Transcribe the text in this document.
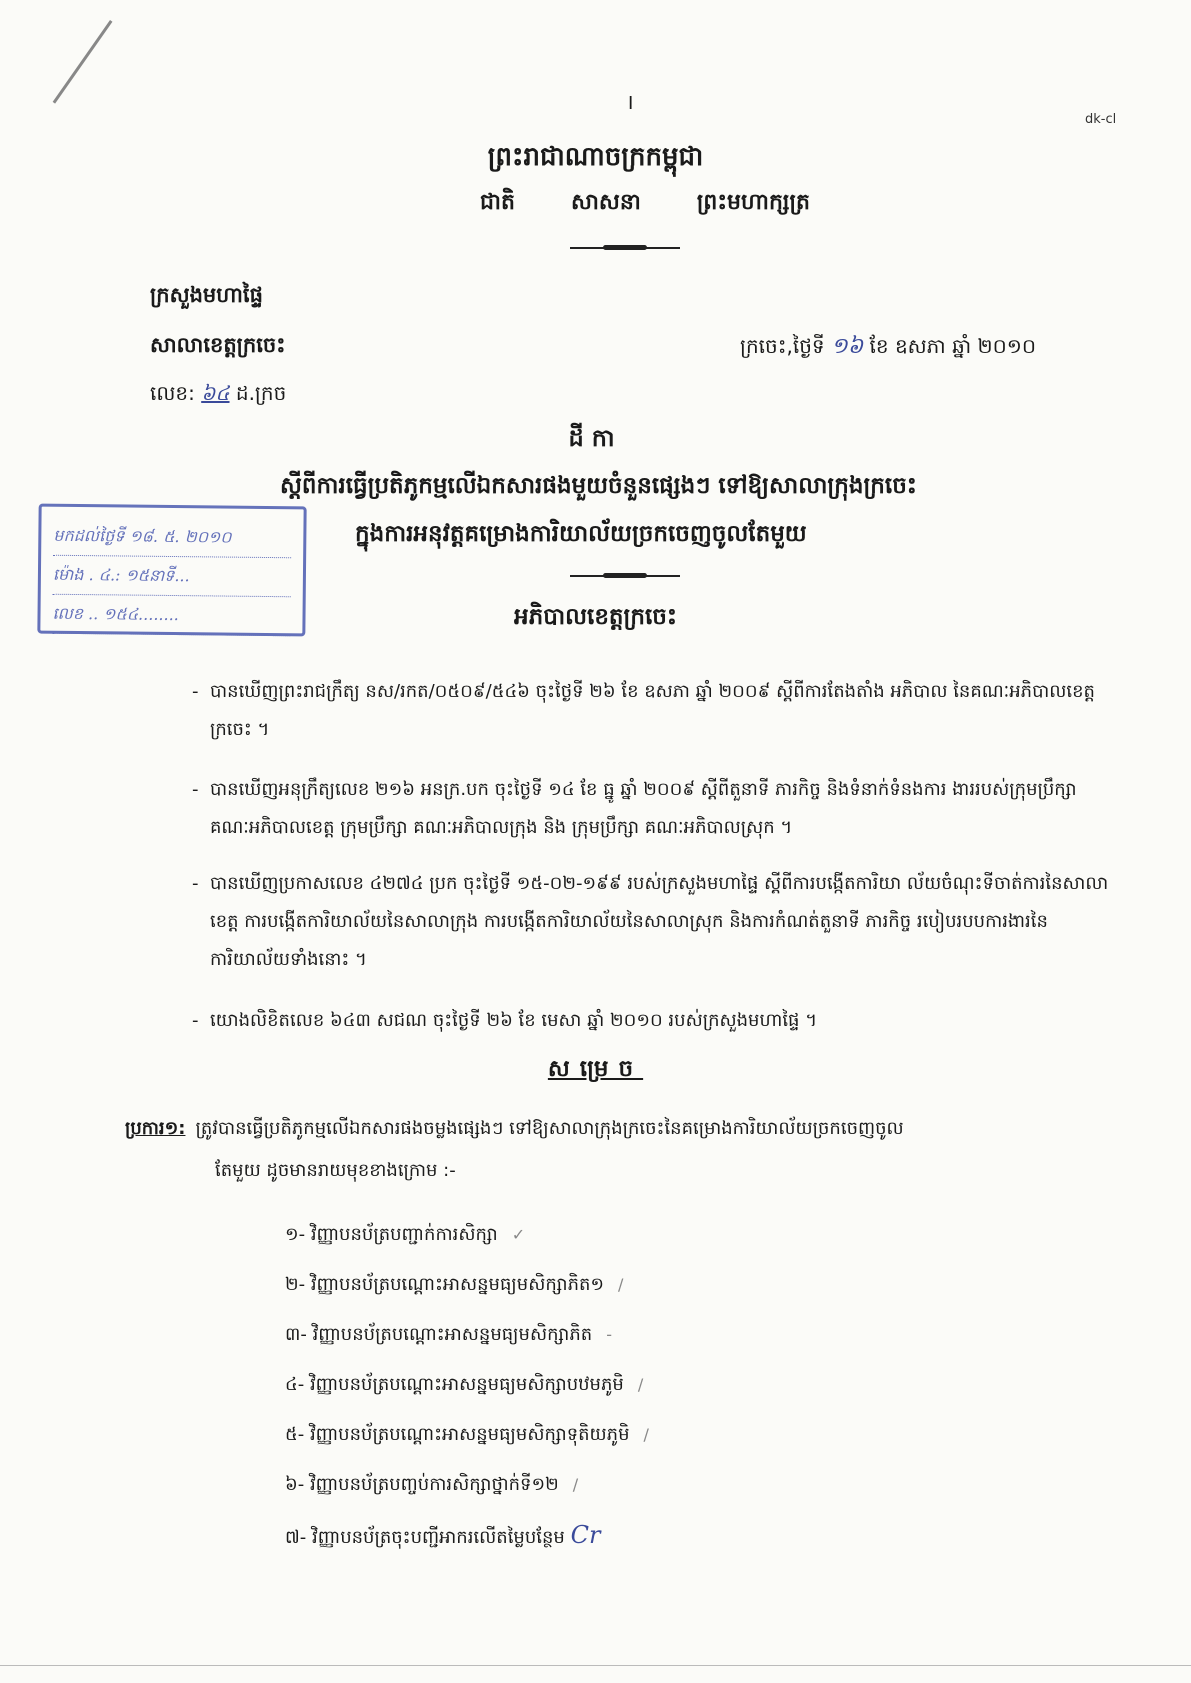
I
dk-cl
ព្រះរាជាណាចក្រកម្ពុជា
ជាតិ	សាសនា	ព្រះមហាក្សត្រ
ក្រសួងមហាផ្ទៃ
សាលាខេត្តក្រចេះ
លេខ: ៦៤ ដ.ក្រច
ក្រចេះ,ថ្ងៃទី ១៦ ខែ ឧសភា ឆ្នាំ ២០១០
ដីកា
ស្ដីពីការធ្វើប្រតិភូកម្មលើឯកសារផងមួយចំនួនផ្សេងៗ ទៅឱ្យសាលាក្រុងក្រចេះ
ក្នុងការអនុវត្តគម្រោងការិយាល័យច្រកចេញចូលតែមួយ
មកដល់ថ្ងៃទី ១៨. ៥. ២០១០
ម៉ោង . ៤.: ១៥នាទី...
លេខ .. ១៥៤........	អភិបាលខេត្តក្រចេះ
- បានឃើញព្រះរាជក្រឹត្យ នស/រកត/០៥០៩/៥៤៦ ចុះថ្ងៃទី ២៦ ខែ ឧសភា ឆ្នាំ ២០០៩ ស្ដីពីការតែងតាំង អភិបាល នៃគណៈអភិបាលខេត្តក្រចេះ ។
- បានឃើញអនុក្រឹត្យលេខ ២១៦ អនក្រ.បក ចុះថ្ងៃទី ១៤ ខែ ធ្នូ ឆ្នាំ ២០០៩ ស្ដីពីតួនាទី ភារកិច្ច និងទំនាក់ទំនងការ ងាររបស់ក្រុមប្រឹក្សា គណៈអភិបាលខេត្ត ក្រុមប្រឹក្សា គណៈអភិបាលក្រុង និង ក្រុមប្រឹក្សា គណៈអភិបាលស្រុក ។
- បានឃើញប្រកាសលេខ ៤២៧៤ ប្រក ចុះថ្ងៃទី ១៥-០២-១៩៩ របស់ក្រសួងមហាផ្ទៃ ស្ដីពីការបង្កើតការិយា ល័យចំណុះទីចាត់ការនៃសាលាខេត្ត ការបង្កើតការិយាល័យនៃសាលាក្រុង ការបង្កើតការិយាល័យនៃសាលាស្រុក និងការកំណត់តួនាទី ភារកិច្ច របៀបរបបការងារនៃការិយាល័យទាំងនោះ ។
- យោងលិខិតលេខ ៦៤៣ សជណ ចុះថ្ងៃទី ២៦ ខែ មេសា ឆ្នាំ ២០១០ របស់ក្រសួងមហាផ្ទៃ ។
សម្រេច
ប្រការ១: ត្រូវបានធ្វើប្រតិភូកម្មលើឯកសារផងចម្លងផ្សេងៗ ទៅឱ្យសាលាក្រុងក្រចេះនៃគម្រោងការិយាល័យច្រកចេញចូល
តែមួយ ដូចមានរាយមុខខាងក្រោម :-
១- វិញ្ញាបនប័ត្របញ្ជាក់ការសិក្សា ✓
២- វិញ្ញាបនប័ត្របណ្ដោះអាសន្នមធ្យមសិក្សាភិត១ /
៣- វិញ្ញាបនប័ត្របណ្ដោះអាសន្នមធ្យមសិក្សាភិត -
៤- វិញ្ញាបនប័ត្របណ្ដោះអាសន្នមធ្យមសិក្សាបឋមភូមិ /
៥- វិញ្ញាបនប័ត្របណ្ដោះអាសន្នមធ្យមសិក្សាទុតិយភូមិ /
៦- វិញ្ញាបនប័ត្របញ្ចប់ការសិក្សាថ្នាក់ទី១២ /
៧- វិញ្ញាបនប័ត្រចុះបញ្ជីអាករលើតម្លៃបន្ថែម Cr
